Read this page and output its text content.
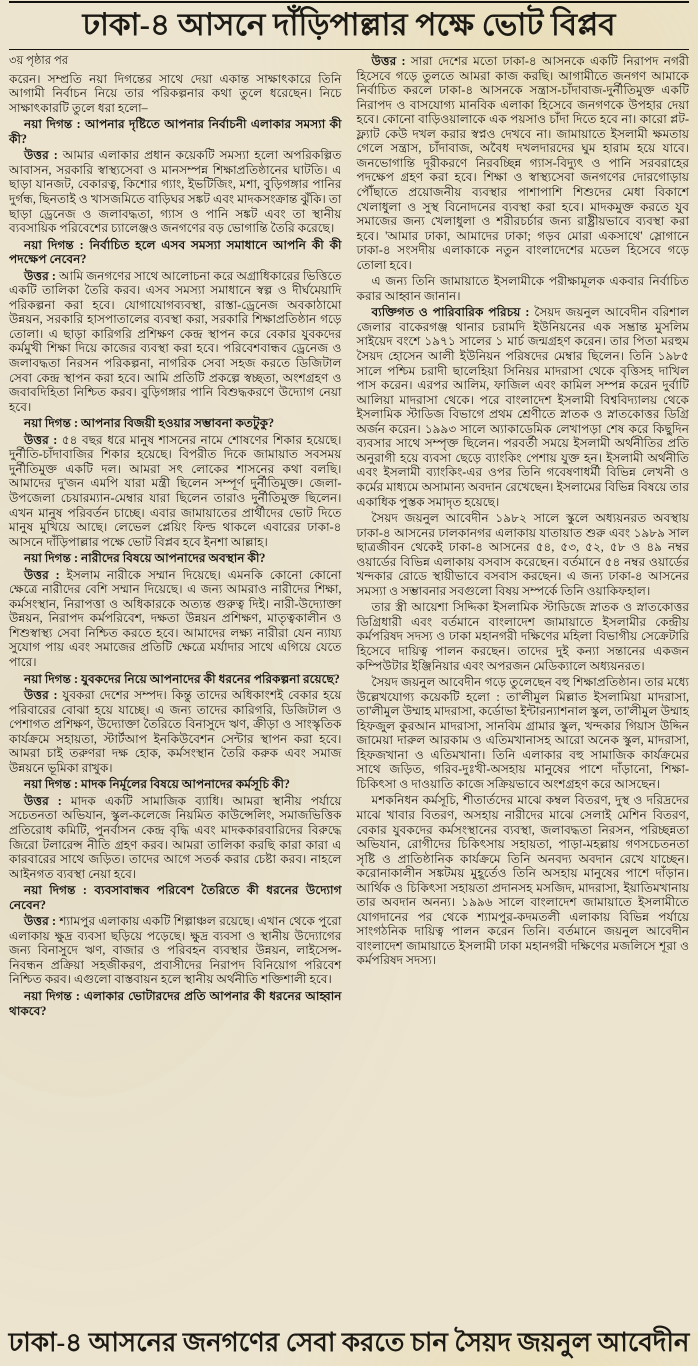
ঢাকা-৪ আসনে দাঁড়িপাল্লার পক্ষে ভোট বিপ্লব

৩য় পৃষ্ঠার পর

করেন। সম্প্রতি নয়া দিগন্তের সাথে দেয়া একান্ত সাক্ষাৎকারে তিনি আগামী নির্বাচন নিয়ে তার পরিকল্পনার কথা তুলে ধরেছেন। নিচে সাক্ষাৎকারটি তুলে ধরা হলো–

নয়া দিগন্ত : আপনার দৃষ্টিতে আপনার নির্বাচনী এলাকার সমস্যা কী কী?

উত্তর : আমার এলাকার প্রধান কয়েকটি সমস্যা হলো অপরিকল্পিত আবাসন, সরকারি স্বাস্থ্যসেবা ও মানসম্পন্ন শিক্ষাপ্রতিষ্ঠানের ঘাটতি। এ ছাড়া যানজট, বেকারত্ব, কিশোর গ্যাং, ইভটিজিং, মশা, বুড়িগঙ্গার পানির দুর্গন্ধ, ছিনতাই ও খাসজমিতে বাড়িঘর সঙ্কট এবং মাদকসংক্রান্ত ঝুঁকি। তা ছাড়া ড্রেনেজ ও জলাবদ্ধতা, গ্যাস ও পানি সঙ্কট এবং তা স্থানীয় ব্যবসায়িক পরিবেশের চ্যালেঞ্জও জনগণের বড় ভোগান্তি তৈরি করেছে।

নয়া দিগন্ত : নির্বাচিত হলে এসব সমস্যা সমাধানে আপনি কী কী পদক্ষেপ নেবেন?

উত্তর : আমি জনগণের সাথে আলোচনা করে অগ্রাধিকারের ভিত্তিতে একটি তালিকা তৈরি করব। এসব সমস্যা সমাধানে স্বল্প ও দীর্ঘমেয়াদি পরিকল্পনা করা হবে। যোগাযোগব্যবস্থা, রাস্তা-ড্রেনেজ অবকাঠামো উন্নয়ন, সরকারি হাসপাতালের ব্যবস্থা করা, সরকারি শিক্ষাপ্রতিষ্ঠান গড়ে তোলা। এ ছাড়া কারিগরি প্রশিক্ষণ কেন্দ্র স্থাপন করে বেকার যুবকদের কর্মমুখী শিক্ষা দিয়ে কাজের ব্যবস্থা করা হবে। পরিবেশবান্ধব ড্রেনেজ ও জলাবদ্ধতা নিরসন পরিকল্পনা, নাগরিক সেবা সহজ করতে ডিজিটাল সেবা কেন্দ্র স্থাপন করা হবে। আমি প্রতিটি প্রকল্পে স্বচ্ছতা, অংশগ্রহণ ও জবাবদিহিতা নিশ্চিত করব। বুড়িগঙ্গার পানি বিশুদ্ধকরণে উদ্যোগ নেয়া হবে।

নয়া দিগন্ত : আপনার বিজয়ী হওয়ার সম্ভাবনা কতটুকু?

উত্তর : ৫৪ বছর ধরে মানুষ শাসনের নামে শোষণের শিকার হয়েছে। দুর্নীতি-চাঁদাবাজির শিকার হয়েছে। বিপরীত দিকে জামায়াত সবসময় দুর্নীতিমুক্ত একটি দল। আমরা সৎ লোকের শাসনের কথা বলছি। আমাদের দু'জন এমপি যারা মন্ত্রী ছিলেন সম্পূর্ণ দুর্নীতিমুক্ত। জেলা-উপজেলা চেয়ারম্যান-মেম্বার যারা ছিলেন তারাও দুর্নীতিমুক্ত ছিলেন। এখন মানুষ পরিবর্তন চাচ্ছে। এবার জামায়াতের প্রার্থীদের ভোট দিতে মানুষ মুখিয়ে আছে। লেভেল প্লেয়িং ফিল্ড থাকলে এবারের ঢাকা-৪ আসনে দাঁড়িপাল্লার পক্ষে ভোট বিপ্লব হবে ইনশা আল্লাহ।

নয়া দিগন্ত : নারীদের বিষয়ে আপনাদের অবস্থান কী?

উত্তর : ইসলাম নারীকে সম্মান দিয়েছে। এমনকি কোনো কোনো ক্ষেত্রে নারীদের বেশি সম্মান দিয়েছে। এ জন্য আমরাও নারীদের শিক্ষা, কর্মসংস্থান, নিরাপত্তা ও অধিকারকে অত্যন্ত গুরুত্ব দিই। নারী-উদ্যোক্তা উন্নয়ন, নিরাপদ কর্মপরিবেশ, দক্ষতা উন্নয়ন প্রশিক্ষণ, মাতৃত্বকালীন ও শিশুস্বাস্থ্য সেবা নিশ্চিত করতে হবে। আমাদের লক্ষ্য নারীরা যেন ন্যায্য সুযোগ পায় এবং সমাজের প্রতিটি ক্ষেত্রে মর্যাদার সাথে এগিয়ে যেতে পারে।

নয়া দিগন্ত : যুবকদের নিয়ে আপনাদের কী ধরনের পরিকল্পনা রয়েছে?

উত্তর : যুবকরা দেশের সম্পদ। কিন্তু তাদের অধিকাংশই বেকার হয়ে পরিবারের বোঝা হয়ে যাচ্ছে। এ জন্য তাদের কারিগরি, ডিজিটাল ও পেশাগত প্রশিক্ষণ, উদ্যোক্তা তৈরিতে বিনাসুদে ঋণ, ক্রীড়া ও সাংস্কৃতিক কার্যক্রমে সহায়তা, স্টার্টআপ ইনকিউবেশন সেন্টার স্থাপন করা হবে। আমরা চাই তরুণরা দক্ষ হোক, কর্মসংস্থান তৈরি করুক এবং সমাজ উন্নয়নে ভূমিকা রাখুক।

নয়া দিগন্ত : মাদক নির্মূলের বিষয়ে আপনাদের কর্মসূচি কী?

উত্তর : মাদক একটি সামাজিক ব্যাধি। আমরা স্থানীয় পর্যায়ে সচেতনতা অভিযান, স্কুল-কলেজে নিয়মিত কাউন্সেলিং, সমাজভিত্তিক প্রতিরোধ কমিটি, পুনর্বাসন কেন্দ্র বৃদ্ধি এবং মাদককারবারিদের বিরুদ্ধে জিরো টলারেন্স নীতি গ্রহণ করব। আমরা তালিকা করছি কারা কারা এ কারবারের সাথে জড়িত। তাদের আগে সতর্ক করার চেষ্টা করব। নাহলে আইনগত ব্যবস্থা নেয়া হবে।

নয়া দিগন্ত : ব্যবসাবান্ধব পরিবেশ তৈরিতে কী ধরনের উদ্যোগ নেবেন?

উত্তর : শ্যামপুর এলাকায় একটি শিল্পাঞ্চল রয়েছে। এখান থেকে পুরো এলাকায় ক্ষুদ্র ব্যবসা ছড়িয়ে পড়েছে। ক্ষুদ্র ব্যবসা ও স্থানীয় উদ্যোগের জন্য বিনাসুদে ঋণ, বাজার ও পরিবহন ব্যবস্থার উন্নয়ন, লাইসেন্স-নিবন্ধন প্রক্রিয়া সহজীকরণ, প্রবাসীদের নিরাপদ বিনিয়োগ পরিবেশ নিশ্চিত করব। এগুলো বাস্তবায়ন হলে স্থানীয় অর্থনীতি শক্তিশালী হবে।

নয়া দিগন্ত : এলাকার ভোটারদের প্রতি আপনার কী ধরনের আহ্বান থাকবে?

উত্তর : সারা দেশের মতো ঢাকা-৪ আসনকে একটি নিরাপদ নগরী হিসেবে গড়ে তুলতে আমরা কাজ করছি। আগামীতে জনগণ আমাকে নির্বাচিত করলে ঢাকা-৪ আসনকে সন্ত্রাস-চাঁদাবাজ-দুর্নীতিমুক্ত একটি নিরাপদ ও বাসযোগ্য মানবিক এলাকা হিসেবে জনগণকে উপহার দেয়া হবে। কোনো বাড়িওয়ালাকে এক পয়সাও চাঁদা দিতে হবে না। কারো প্লট-ফ্ল্যাট কেউ দখল করার স্বপ্নও দেখবে না। জামায়াতে ইসলামী ক্ষমতায় গেলে সন্ত্রাস, চাঁদাবাজ, অবৈধ দখলদারদের ঘুম হারাম হয়ে যাবে। জনভোগান্তি দূরীকরণে নিরবচ্ছিন্ন গ্যাস-বিদ্যুৎ ও পানি সরবরাহের পদক্ষেপ গ্রহণ করা হবে। শিক্ষা ও স্বাস্থ্যসেবা জনগণের দোরগোড়ায় পৌঁছাতে প্রয়োজনীয় ব্যবস্থার পাশাপাশি শিশুদের মেধা বিকাশে খেলাধুলা ও সুস্থ বিনোদনের ব্যবস্থা করা হবে। মাদকমুক্ত করতে যুব সমাজের জন্য খেলাধুলা ও শরীরচর্চার জন্য রাষ্ট্রীয়ভাবে ব্যবস্থা করা হবে। 'আমার ঢাকা, আমাদের ঢাকা; গড়ব মোরা একসাথে' স্লোগানে ঢাকা-৪ সংসদীয় এলাকাকে নতুন বাংলাদেশের মডেল হিসেবে গড়ে তোলা হবে।

এ জন্য তিনি জামায়াতে ইসলামীকে পরীক্ষামূলক একবার নির্বাচিত করার আহ্বান জানান।

ব্যক্তিগত ও পারিবারিক পরিচয় : সৈয়দ জয়নুল আবেদীন বরিশাল জেলার বাকেরগঞ্জ থানার চরামদি ইউনিয়নের এক সম্ভ্রান্ত মুসলিম সাইয়েদ বংশে ১৯৭১ সালের ১ মার্চ জন্মগ্রহণ করেন। তার পিতা মরহুম সৈয়দ হোসেন আলী ইউনিয়ন পরিষদের মেম্বার ছিলেন। তিনি ১৯৮৫ সালে পশ্চিম চরাদী ছালেহিয়া সিনিয়র মাদরাসা থেকে বৃত্তিসহ দাখিল পাস করেন। এরপর আলিম, ফাজিল এবং কামিল সম্পন্ন করেন দুর্বাটি আলিয়া মাদরাসা থেকে। পরে বাংলাদেশ ইসলামী বিশ্ববিদ্যালয় থেকে ইসলামিক স্টাডিজ বিভাগে প্রথম শ্রেণীতে স্নাতক ও স্নাতকোত্তর ডিগ্রি অর্জন করেন। ১৯৯৩ সালে অ্যাকাডেমিক লেখাপড়া শেষ করে কিছুদিন ব্যবসার সাথে সম্পৃক্ত ছিলেন। পরবর্তী সময়ে ইসলামী অর্থনীতির প্রতি অনুরাগী হয়ে ব্যবসা ছেড়ে ব্যাংকিং পেশায় যুক্ত হন। ইসলামী অর্থনীতি এবং ইসলামী ব্যাংকিং-এর ওপর তিনি গবেষণাধর্মী বিভিন্ন লেখনী ও কর্মের মাধ্যমে অসামান্য অবদান রেখেছেন। ইসলামের বিভিন্ন বিষয়ে তার একাধিক পুস্তক সমাদৃত হয়েছে।

সৈয়দ জয়নুল আবেদীন ১৯৮২ সালে স্কুলে অধ্যয়নরত অবস্থায় ঢাকা-৪ আসনের ঢালকানগর এলাকায় যাতায়াত শুরু এবং ১৯৮৯ সাল ছাত্রজীবন থেকেই ঢাকা-৪ আসনের ৫৪, ৫৩, ৫২, ৫৮ ও ৪৯ নম্বর ওয়ার্ডের বিভিন্ন এলাকায় বসবাস করেছেন। বর্তমানে ৫৪ নম্বর ওয়ার্ডের খন্দকার রোডে স্থায়ীভাবে বসবাস করছেন। এ জন্য ঢাকা-৪ আসনের সমস্যা ও সম্ভাবনার সবগুলো বিষয় সম্পর্কে তিনি ওয়াকিফহাল।

তার স্ত্রী আয়েশা সিদ্দিকা ইসলামিক স্টাডিজে স্নাতক ও স্নাতকোত্তর ডিগ্রিধারী এবং বর্তমানে বাংলাদেশ জামায়াতে ইসলামীর কেন্দ্রীয় কর্মপরিষদ সদস্য ও ঢাকা মহানগরী দক্ষিণের মহিলা বিভাগীয় সেক্রেটারি হিসেবে দায়িত্ব পালন করছেন। তাদের দুই কন্যা সন্তানের একজন কম্পিউটার ইঞ্জিনিয়ার এবং অপরজন মেডিক্যালে অধ্যয়নরত।

সৈয়দ জয়নুল আবেদীন গড়ে তুলেছেন বহু শিক্ষাপ্রতিষ্ঠান। তার মধ্যে উল্লেখযোগ্য কয়েকটি হলো : তা'লীমুল মিল্লাত ইসলামিয়া মাদরাসা, তা'লীমুল উম্মাহ মাদরাসা, কর্ডোভা ইন্টারন্যাশনাল স্কুল, তা'লীমুল উম্মাহ হিফজুল কুরআন মাদরাসা, সানবিম গ্রামার স্কুল, খন্দকার গিয়াস উদ্দিন জামেয়া দারুল আরকাম ও এতিমখানাসহ আরো অনেক স্কুল, মাদরাসা, হিফজখানা ও এতিমখানা। তিনি এলাকার বহু সামাজিক কার্যক্রমের সাথে জড়িত, গরিব-দুঃখী-অসহায় মানুষের পাশে দাঁড়ানো, শিক্ষা-চিকিৎসা ও দাওয়াতি কাজে সক্রিয়ভাবে অংশগ্রহণ করে আসছেন।

মশকনিধন কর্মসূচি, শীতার্তদের মাঝে কম্বল বিতরণ, দুস্থ ও দরিদ্রদের মাঝে খাবার বিতরণ, অসহায় নারীদের মাঝে সেলাই মেশিন বিতরণ, বেকার যুবকদের কর্মসংস্থানের ব্যবস্থা, জলাবদ্ধতা নিরসন, পরিচ্ছন্নতা অভিযান, রোগীদের চিকিৎসায় সহায়তা, পাড়া-মহল্লায় গণসচেতনতা সৃষ্টি ও প্রাতিষ্ঠানিক কার্যক্রমে তিনি অনবদ্য অবদান রেখে যাচ্ছেন। করোনাকালীন সঙ্কটময় মুহূর্তেও তিনি অসহায় মানুষের পাশে দাঁড়ান। আর্থিক ও চিকিৎসা সহায়তা প্রদানসহ মসজিদ, মাদরাসা, ইয়াতিমখানায় তার অবদান অনন্য। ১৯৯৬ সালে বাংলাদেশ জামায়াতে ইসলামীতে যোগদানের পর থেকে শ্যামপুর-কদমতলী এলাকায় বিভিন্ন পর্যায়ে সাংগঠনিক দায়িত্ব পালন করেন তিনি। বর্তমানে জয়নুল আবেদীন বাংলাদেশ জামায়াতে ইসলামী ঢাকা মহানগরী দক্ষিণের মজলিসে শূরা ও কর্মপরিষদ সদস্য।

ঢাকা-৪ আসনের জনগণের সেবা করতে চান সৈয়দ জয়নুল আবেদীন
